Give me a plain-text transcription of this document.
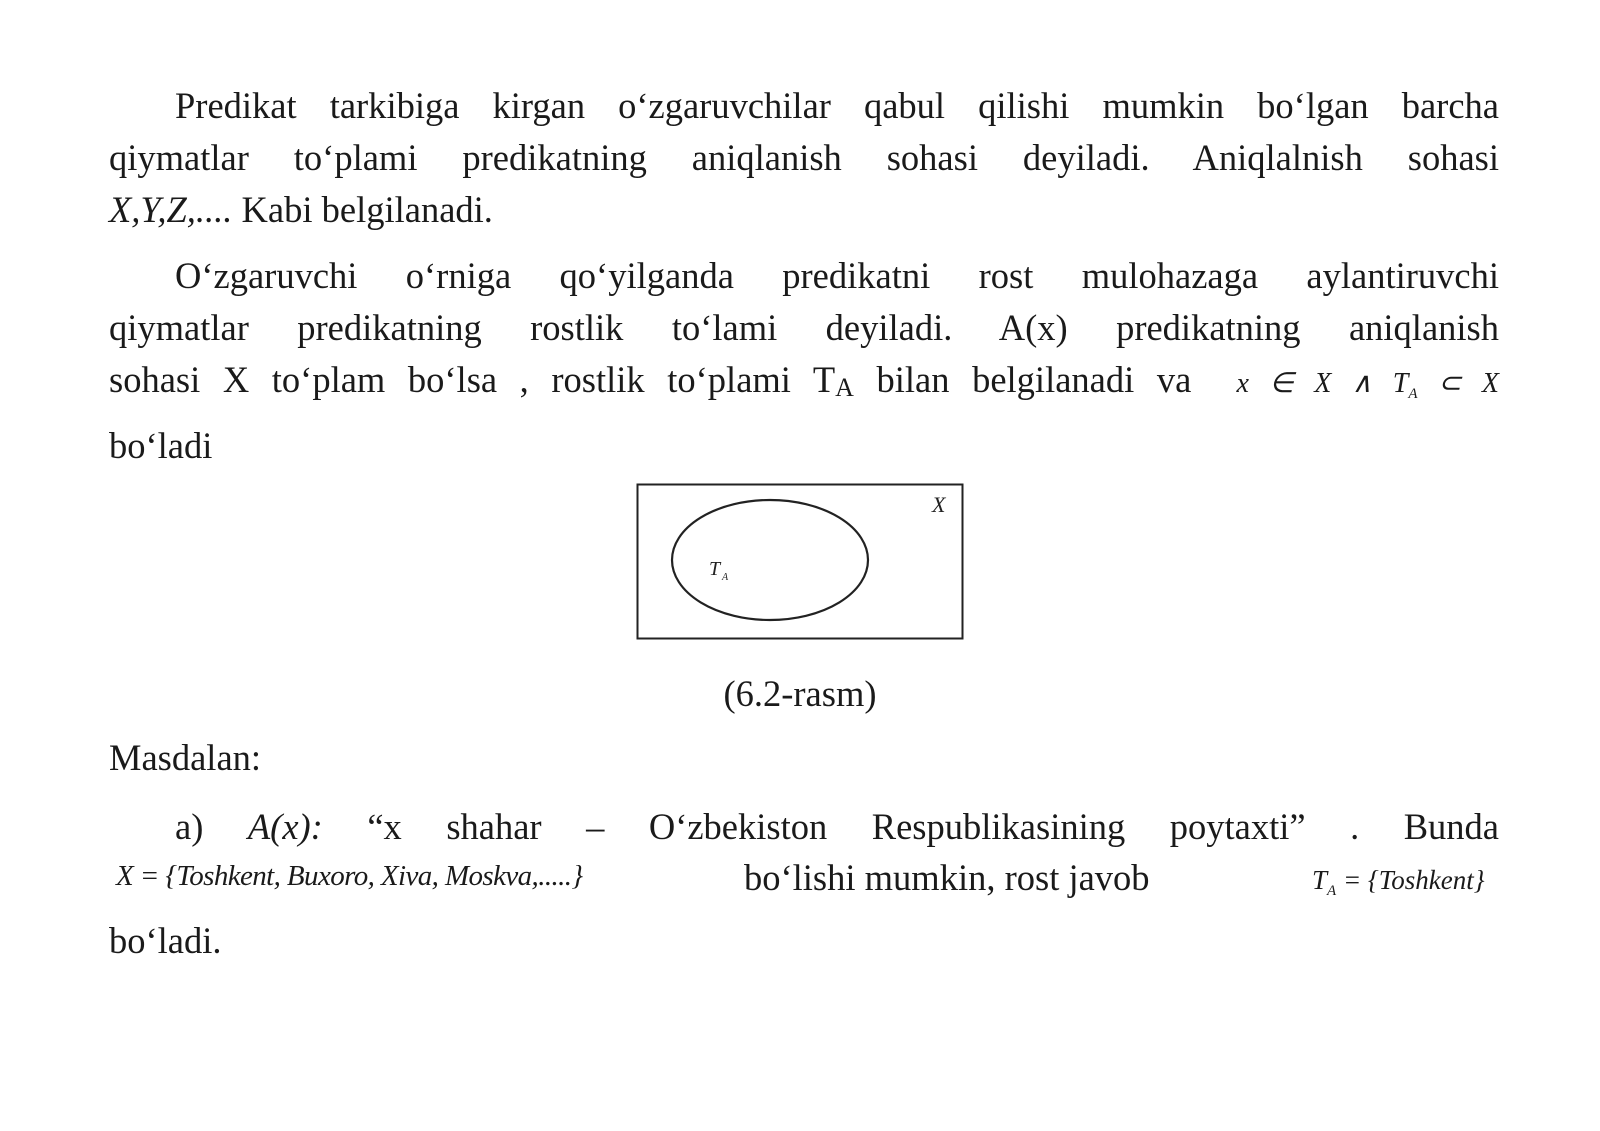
Predikat tarkibiga kirgan o‘zgaruvchilar qabul qilishi mumkin bo‘lgan barcha
qiymatlar to‘plami predikatning aniqlanish sohasi deyiladi. Aniqlalnish sohasi
X,Y,Z,.... Kabi belgilanadi.
O‘zgaruvchi o‘rniga qo‘yilganda predikatni rost mulohazaga aylantiruvchi
qiymatlar predikatning rostlik to‘lami deyiladi. A(x) predikatning aniqlanish
sohasi X to‘plam bo‘lsa , rostlik to‘plami TA bilan belgilanadi va x ∈ X ∧ $T_A$ ⊂ X
bo‘ladi
X
T A
(6.2-rasm)
Masdalan:
a) A(x): “x shahar – O‘zbekiston Respublikasining poytaxti” . Bunda
X = {Toshkent, Buxoro, Xiva, Moskva,.....}	bo‘lishi mumkin, rost javob	$T_A$ = {Toshkent}
bo‘ladi.
